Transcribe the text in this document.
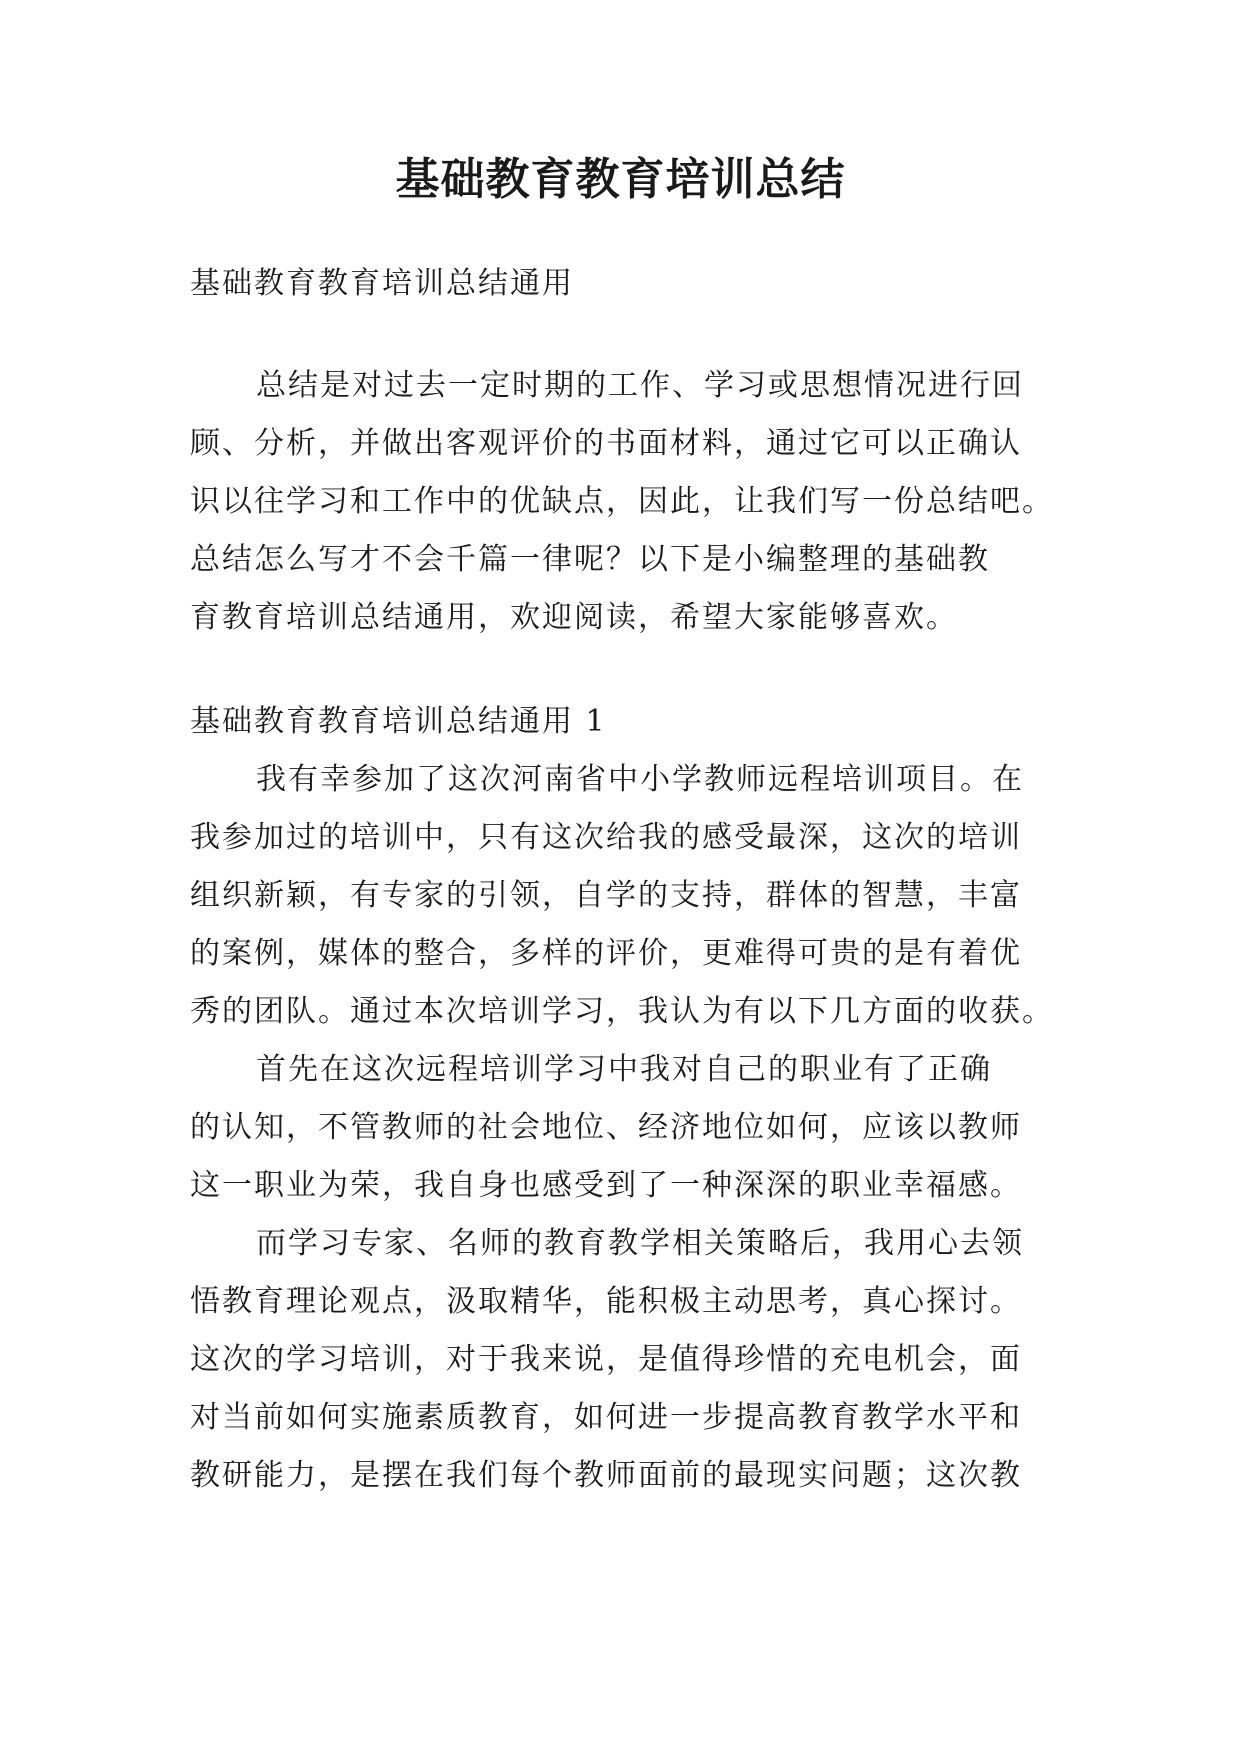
基础教育教育培训总结
基础教育教育培训总结通用
总结是对过去一定时期的工作、学习或思想情况进行回
顾、分析，并做出客观评价的书面材料，通过它可以正确认
识以往学习和工作中的优缺点，因此，让我们写一份总结吧。
总结怎么写才不会千篇一律呢？以下是小编整理的基础教
育教育培训总结通用，欢迎阅读，希望大家能够喜欢。
基础教育教育培训总结通用 1
我有幸参加了这次河南省中小学教师远程培训项目。在
我参加过的培训中，只有这次给我的感受最深，这次的培训
组织新颖，有专家的引领，自学的支持，群体的智慧，丰富
的案例，媒体的整合，多样的评价，更难得可贵的是有着优
秀的团队。通过本次培训学习，我认为有以下几方面的收获。
首先在这次远程培训学习中我对自己的职业有了正确
的认知，不管教师的社会地位、经济地位如何，应该以教师
这一职业为荣，我自身也感受到了一种深深的职业幸福感。
而学习专家、名师的教育教学相关策略后，我用心去领
悟教育理论观点，汲取精华，能积极主动思考，真心探讨。
这次的学习培训，对于我来说，是值得珍惜的充电机会，面
对当前如何实施素质教育，如何进一步提高教育教学水平和
教研能力，是摆在我们每个教师面前的最现实问题；这次教
